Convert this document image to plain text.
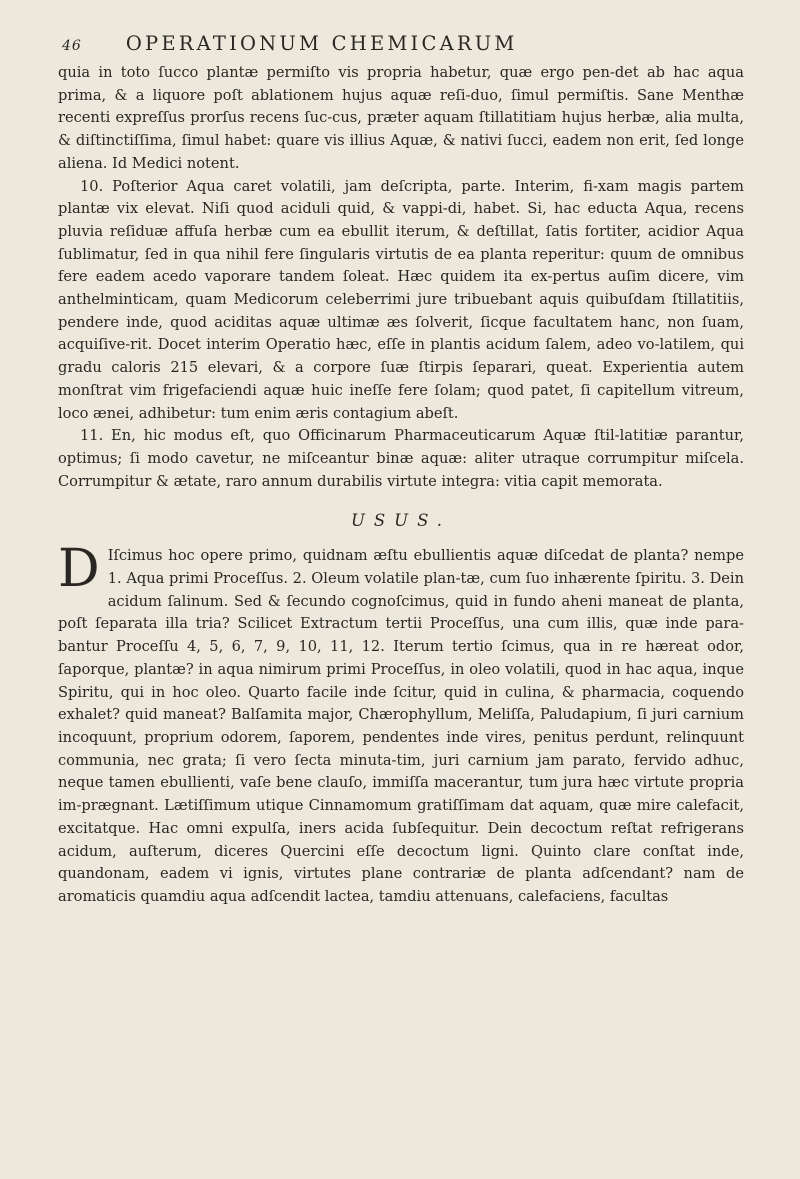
46 OPERATIONUM CHEMICARUM

quia in toto ſucco plantæ permiſto vis propria habetur, quæ ergo pen-det ab hac aqua prima, & a liquore poſt ablationem hujus aquæ reſi-duo, ſimul permiſtis. Sane Menthæ recenti expreſſus prorſus recens ſuc-cus, præter aquam ſtillatitiam hujus herbæ, alia multa, & diſtinctiſſima, ſimul habet: quare vis illius Aquæ, & nativi ſucci, eadem non erit, ſed longe aliena. Id Medici notent.

10. Poſterior Aqua caret volatili, jam deſcripta, parte. Interim, fi-xam magis partem plantæ vix elevat. Niſi quod aciduli quid, & vappi-di, habet. Si, hac educta Aqua, recens pluvia reſiduæ affuſa herbæ cum ea ebullit iterum, & deſtillat, ſatis fortiter, acidior Aqua ſublimatur, ſed in qua nihil fere ſingularis virtutis de ea planta reperitur: quum de omnibus fere eadem acedo vaporare tandem ſoleat. Hæc quidem ita ex-pertus auſim dicere, vim anthelminticam, quam Medicorum celeberrimi jure tribuebant aquis quibuſdam ſtillatitiis, pendere inde, quod aciditas aquæ ultimæ æs ſolverit, ſicque facultatem hanc, non ſuam, acquiſive-rit. Docet interim Operatio hæc, eſſe in plantis acidum ſalem, adeo vo-latilem, qui gradu caloris 215 elevari, & a corpore ſuæ ſtirpis ſeparari, queat. Experientia autem monſtrat vim frigefaciendi aquæ huic ineſſe fere ſolam; quod patet, ſi capitellum vitreum, loco ænei, adhibetur: tum enim æris contagium abeſt.

11. En, hic modus eſt, quo Officinarum Pharmaceuticarum Aquæ ſtil-latitiæ parantur, optimus; ſi modo cavetur, ne miſceantur binæ aquæ: aliter utraque corrumpitur miſcela. Corrumpitur & ætate, raro annum durabilis virtute integra: vitia capit memorata.

USUS.
D Iſcimus hoc opere primo, quidnam æſtu ebullientis aquæ diſcedat de planta? nempe 1. Aqua primi Proceſſus. 2. Oleum volatile plan-tæ, cum ſuo inhærente ſpiritu. 3. Dein acidum ſalinum. Sed & ſecundo cognoſcimus, quid in fundo aheni maneat de planta, poſt ſeparata illa tria? Scilicet Extractum tertii Proceſſus, una cum illis, quæ inde para-bantur Proceſſu 4, 5, 6, 7, 9, 10, 11, 12. Iterum tertio ſcimus, qua in re hæreat odor, ſaporque, plantæ? in aqua nimirum primi Proceſſus, in oleo volatili, quod in hac aqua, inque Spiritu, qui in hoc oleo. Quarto facile inde ſcitur, quid in culina, & pharmacia, coquendo exhalet? quid maneat? Balſamita major, Chærophyllum, Meliſſa, Paludapium, ſi juri carnium incoquunt, proprium odorem, ſaporem, pendentes inde vires, penitus perdunt, relinquunt communia, nec grata; ſi vero ſecta minuta-tim, juri carnium jam parato, fervido adhuc, neque tamen ebullienti, vaſe bene clauſo, immiſſa macerantur, tum jura hæc virtute propria im-prægnant. Lætiſſimum utique Cinnamomum gratiſſimam dat aquam, quæ mire calefacit, excitatque. Hac omni expulſa, iners acida ſubſequitur. Dein decoctum reſtat refrigerans acidum, auſterum, diceres Quercini eſſe decoctum ligni. Quinto clare conſtat inde, quandonam, eadem vi ignis, virtutes plane contrariæ de planta adſcendant? nam de aromaticis quamdiu aqua adſcendit lactea, tamdiu attenuans, calefaciens, facultas
